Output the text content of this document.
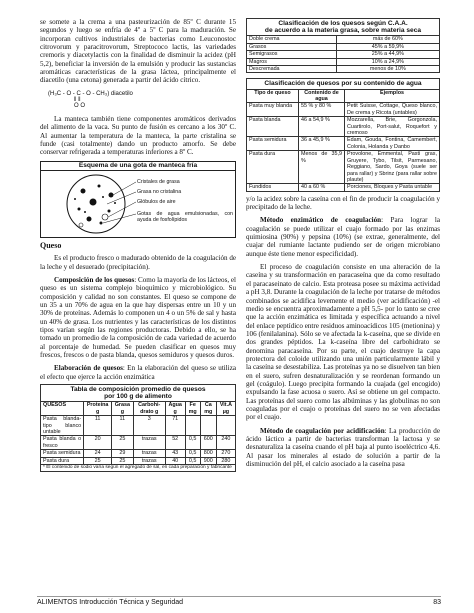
se somete a la crema a una pasteurización de 85º C durante 15 segundos y luego se enfría de 4º a 5º C para la maduración. Se incorporan cultivos industriales de bacterias como Leuconostoc citrovorum y paracitrovorum, Streptococo lactis, las variedades cremoris y diacetylactis con la finalidad de disminuir la acidez (pH 5,2), beneficiar la inversión de la emulsión y producir las sustancias aromáticas características de la grasa láctea, principalmente el diacetilo (una cetona) generada a partir del ácido cítrico.

(H₃C - O - C - O - CH₃) diacetilo
‖ ‖
O O

La manteca también tiene componentes aromáticos derivados del alimento de la vaca. Su punto de fusión es cercano a los 30º C. Al aumentar la temperatura de la manteca, la parte cristalina se funde (casi totalmente) dando un producto amorfo. Se debe conservar refrigerada a temperaturas inferiores a 8º C.

Esquema de una gota de manteca fría
Cristales de grasa
Grasa no cristalina
Glóbulos de aire
Gotas de agua emulsionadas, con ayuda de fosfolípidos
Queso

Es el producto fresco o madurado obtenido de la coagulación de la leche y el desuerado (precipitación).

Composición de los quesos: Como la mayoría de los lácteos, el queso es un sistema complejo bioquímico y microbiológico. Su composición y calidad no son constantes. El queso se compone de un 35 a un 70% de agua en la que hay dispersas entre un 10 y un 30% de proteínas. Además lo componen un 4 o un 5% de sal y hasta un 40% de grasa. Los nutrientes y las características de los distintos tipos varían según las regiones productoras. Debido a ello, se ha tomado un promedio de la composición de cada variedad de acuerdo al porcentaje de humedad. Se pueden clasificar en quesos muy frescos, frescos o de pasta blanda, quesos semiduros y quesos duros.

Elaboración de quesos: En la elaboración del queso se utiliza el efecto que ejerce la acción enzimática

Tabla de composición promedio de quesos
por 100 g de alimento
QUESOS	Proteína g	Grasa g	Carbohi-drato g	Agua g	Fe mg	Ca mg	Vit.A µg
Pasta blanda-tipo blanco untable	11	11	3	71			
Pasta blanda o fresco	20	25	trazas	52	0,5	600	240
Pasta semidura	24	29	trazas	43	0,5	800	270
Pasta dura	25	25	trazas	40	0,5	900	280
* El contenido de sodio varía según el agregado de sal, en cada preparación y fabricante
Clasificación de los quesos según C.A.A.
de acuerdo a la materia grasa, sobre materia seca
Doble crema	más de 60%
Grasos	45% a 59,9%
Semigrasos	25% a 44,9%
Magros	10% a 24,9%
Descremada	menos de 10%
Clasificación de quesos por su contenido de agua
Tipo de queso	Contenido de agua	Ejemplos
Pasta muy blanda	55 % y 80 %	Petit Suisse, Cottage, Queso blanco, De crema y Ricota (untables)
Pasta blanda	46 a 54,9 %	Mozzarella, Brie, Gorgonzola, Cuartirolo, Port-salut, Roquefort y cremoso
Pasta semidura	36 a 45,9 %	Edam, Gouda, Fontina, Camembert, Colonia, Holanda y Danbo
Pasta dura	Menos de 35,9 %	Provolone, Emmental, Pasti gras, Gruyere, Tybo, Tilsit, Parmesano, Reggiano, Sardo, Goya (suele ser para rallar) y Sbrinz (para rallar sobre plaute)
Fundidos	40 a 60 %	Porciones, Bloques y Pasta untable

y/o la acidez sobre la caseína con el fin de producir la coagulación y precipitado de la leche.

Método enzimático de coagulación: Para lograr la coagulación se puede utilizar el cuajo formado por las enzimas quimiosina (90%) y pepsina (10%) (se extrae, generalmente, del cuajar del rumiante lactante pudiendo ser de origen microbiano aunque éste tiene menor especificidad).

El proceso de coagulación consiste en una alteración de la caseína y su transformación en paracaseína que da como resultado el paracaseinato de calcio. Esta proteasa posee su máxima actividad a pH 3,8. Durante la coagulación de la leche por tratarse de métodos combinados se acidifica levemente el medio (ver acidificación) -el medio se encuentra aproximadamente a pH 5,5- por lo tanto se cree que la acción enzimática es limitada y específica actuando a nivel del enlace peptídico entre residuos aminoacídicos 105 (metionina) y 106 (fenilalanina). Sólo se ve afectada la k-caseína, que se divide en dos grandes péptidos. La k-caseína libre del carbohidrato se denomina paracaseína. Por su parte, el cuajo destruye la capa protectora del coloide utilizando una unión particularmente lábil y la caseína se desestabiliza. Las proteínas ya no se disuelven tan bien en el suero, sufren desnaturalización y se reordenan formando un gel (coágulo). Luego precipita formando la cuajada (gel encogido) expulsando la fase acuosa o suero. Así se obtiene un gel compacto. Las proteínas del suero como las albúminas y las globulinas no son coaguladas por el cuajo o proteínas del suero no se ven afectadas por el cuajo.

Método de coagulación por acidificación: La producción de ácido láctico a partir de bacterias transforman la lactosa y se desnaturaliza la caseína cuando el pH baja al punto isoeléctrico 4,6. Al pasar los minerales al estado de solución a partir de la disminución del pH, el calcio asociado a la caseína pasa

ALIMENTOS Introducción Técnica y Seguridad	83
